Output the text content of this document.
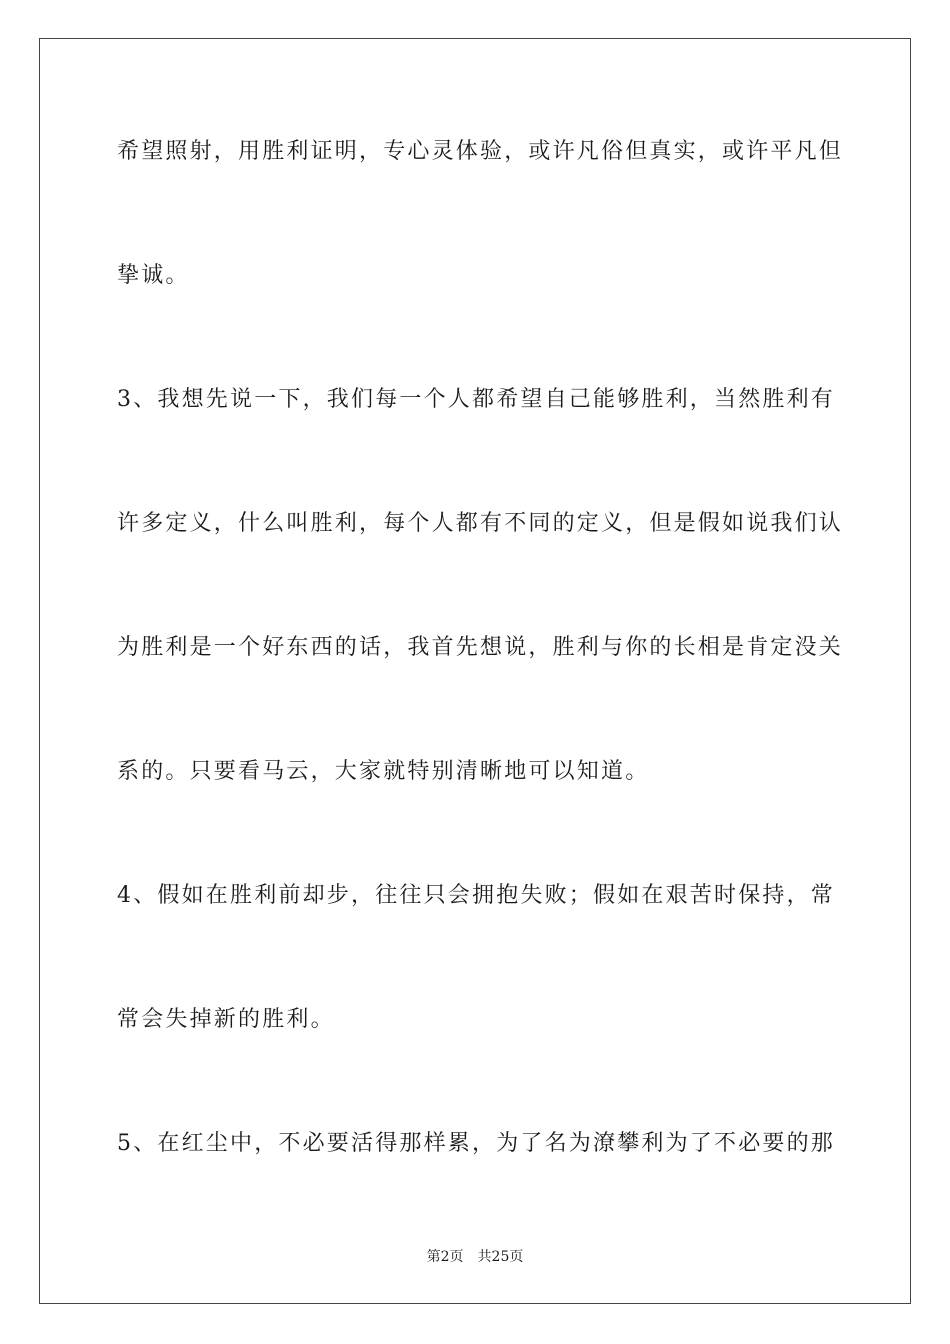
希望照射，用胜利证明，专心灵体验，或许凡俗但真实，或许平凡但
挚诚。
3、我想先说一下，我们每一个人都希望自己能够胜利，当然胜利有
许多定义，什么叫胜利，每个人都有不同的定义，但是假如说我们认
为胜利是一个好东西的话，我首先想说，胜利与你的长相是肯定没关
系的。只要看马云，大家就特别清晰地可以知道。
4、假如在胜利前却步，往往只会拥抱失败；假如在艰苦时保持，常
常会失掉新的胜利。
5、在红尘中，不必要活得那样累，为了名为潦攀利为了不必要的那
第2页 共25页
